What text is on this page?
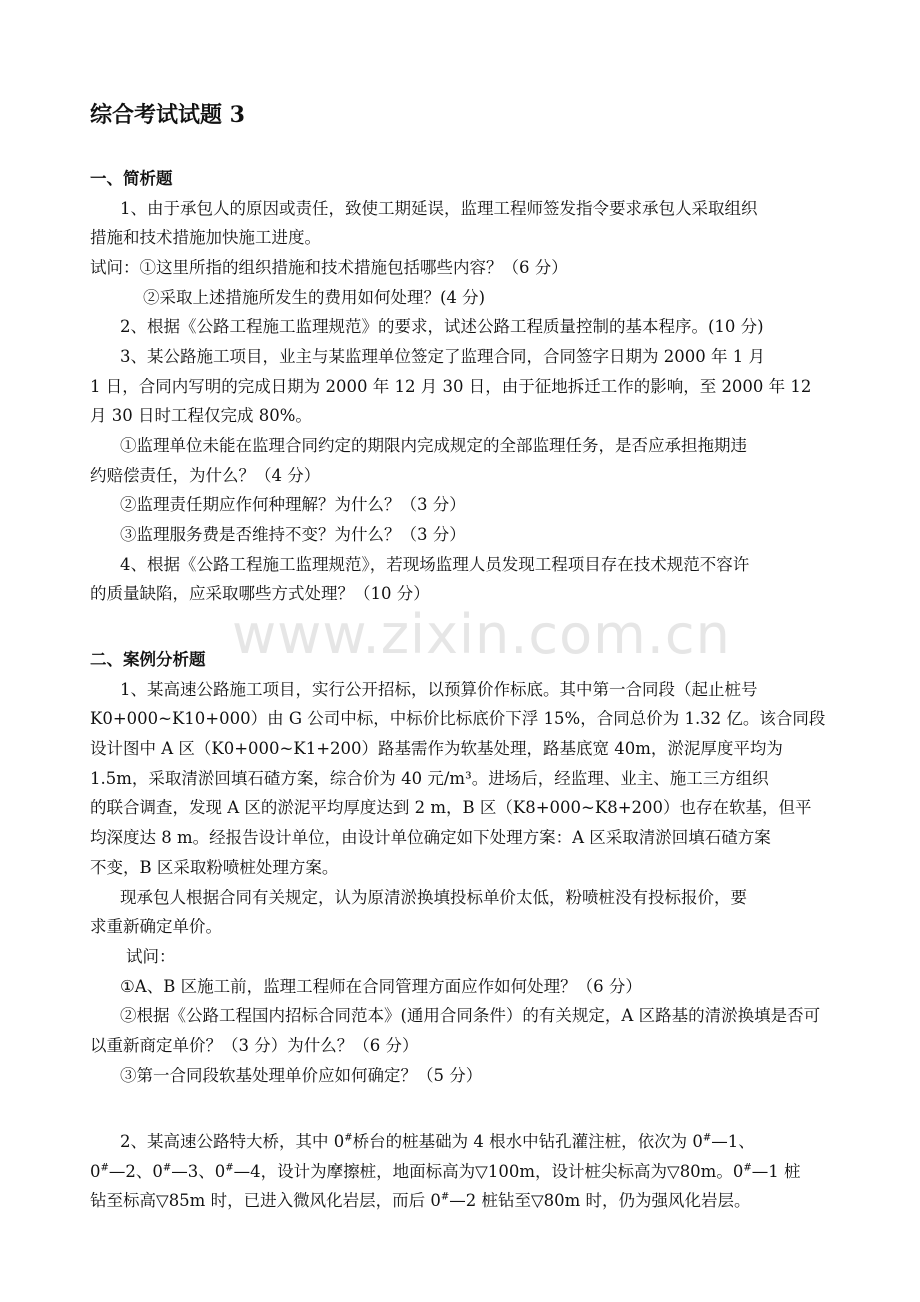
www.zixin.com.cn
综合考试试题 3
一、简析题
1、由于承包人的原因或责任，致使工期延误，监理工程师签发指令要求承包人采取组织
措施和技术措施加快施工进度。
试问：①这里所指的组织措施和技术措施包括哪些内容？（6 分）
②采取上述措施所发生的费用如何处理？(4 分)
2、根据《公路工程施工监理规范》的要求，试述公路工程质量控制的基本程序。(10 分)
3、某公路施工项目，业主与某监理单位签定了监理合同，合同签字日期为 2000 年 1 月
1 日，合同内写明的完成日期为 2000 年 12 月 30 日，由于征地拆迁工作的影响，至 2000 年 12
月 30 日时工程仅完成 80%。
①监理单位未能在监理合同约定的期限内完成规定的全部监理任务，是否应承担拖期违
约赔偿责任，为什么？（4 分）
②监理责任期应作何种理解？为什么？（3 分）
③监理服务费是否维持不变？为什么？（3 分）
4、根据《公路工程施工监理规范》，若现场监理人员发现工程项目存在技术规范不容许
的质量缺陷，应采取哪些方式处理？（10 分）
二、案例分析题
1、某高速公路施工项目，实行公开招标，以预算价作标底。其中第一合同段（起止桩号
K0+000~K10+000）由 G 公司中标，中标价比标底价下浮 15%，合同总价为 1.32 亿。该合同段
设计图中 A 区（K0+000~K1+200）路基需作为软基处理，路基底宽 40m，淤泥厚度平均为
1.5m，采取清淤回填石碴方案，综合价为 40 元/m³。进场后，经监理、业主、施工三方组织
的联合调查，发现 A 区的淤泥平均厚度达到 2 m，B 区（K8+000~K8+200）也存在软基，但平
均深度达 8 m。经报告设计单位，由设计单位确定如下处理方案：A 区采取清淤回填石碴方案
不变，B 区采取粉喷桩处理方案。
现承包人根据合同有关规定，认为原清淤换填投标单价太低，粉喷桩没有投标报价，要
求重新确定单价。
试问：
①A、B 区施工前，监理工程师在合同管理方面应作如何处理？（6 分）
②根据《公路工程国内招标合同范本》(通用合同条件）的有关规定，A 区路基的清淤换填是否可
以重新商定单价？（3 分）为什么？（6 分）
③第一合同段软基处理单价应如何确定？（5 分）
2、某高速公路特大桥，其中 0#桥台的桩基础为 4 根水中钻孔灌注桩，依次为 0#—1、
0#—2、0#—3、0#—4，设计为摩擦桩，地面标高为▽100m，设计桩尖标高为▽80m。0#—1 桩
钻至标高▽85m 时，已进入微风化岩层，而后 0#—2 桩钻至▽80m 时，仍为强风化岩层。
